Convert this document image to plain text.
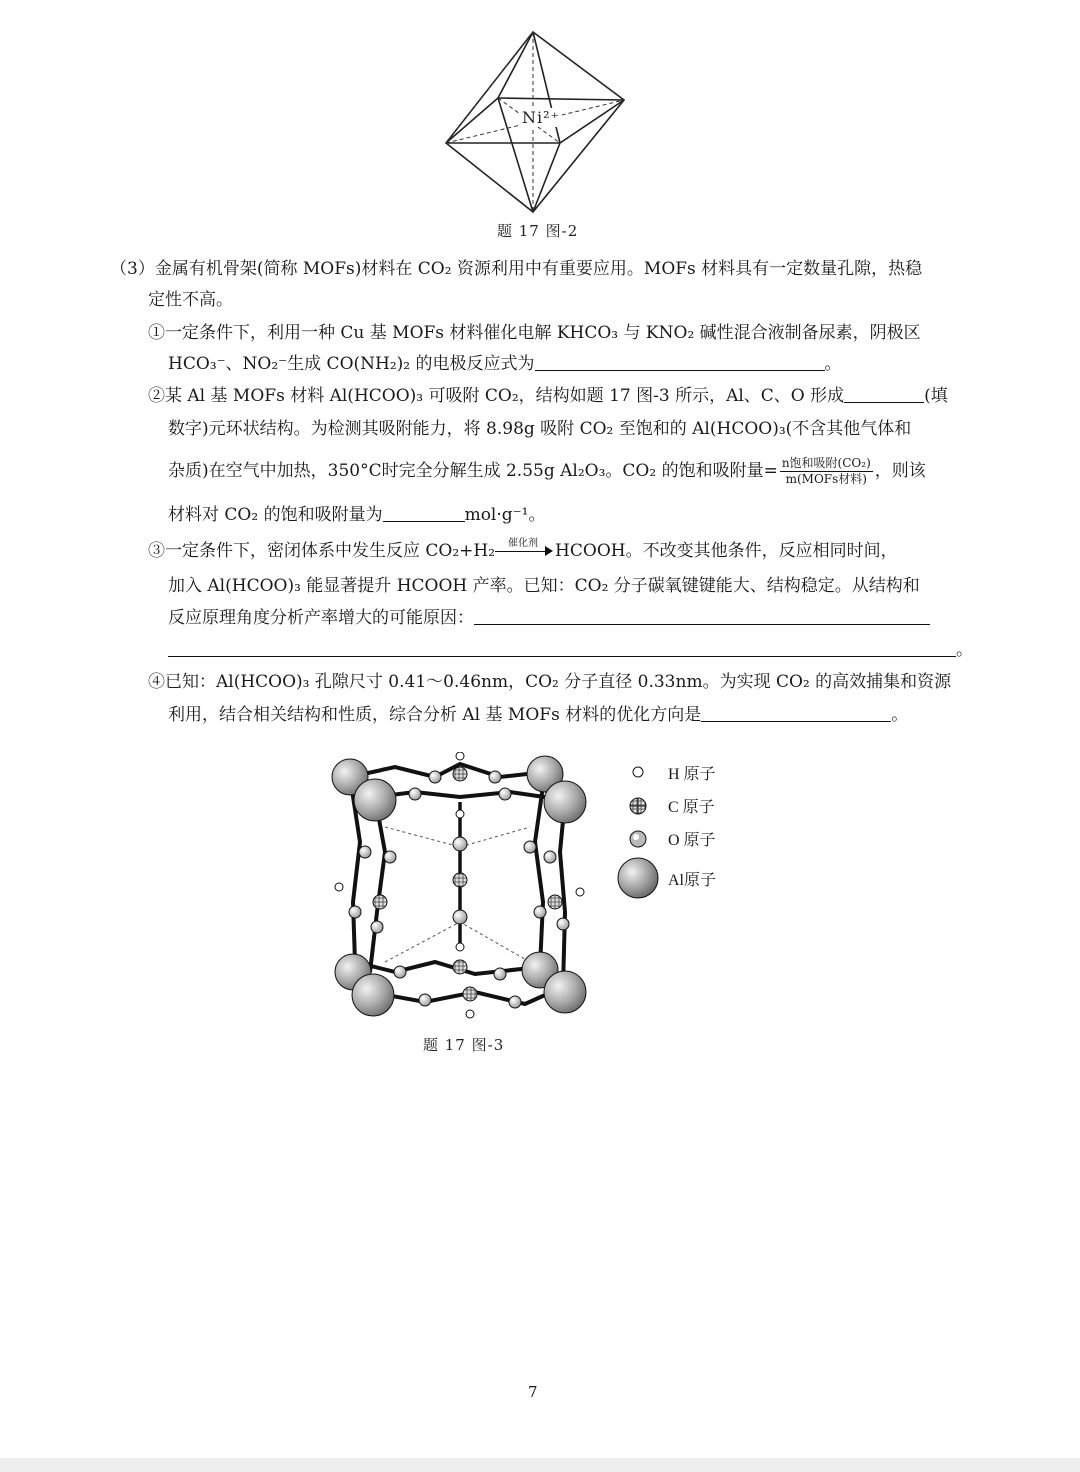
Ni²⁺
题 17 图-2
（3）金属有机骨架(简称 MOFs)材料在 CO₂ 资源利用中有重要应用。MOFs 材料具有一定数量孔隙，热稳
定性不高。
①一定条件下，利用一种 Cu 基 MOFs 材料催化电解 KHCO₃ 与 KNO₂ 碱性混合液制备尿素，阴极区
HCO₃⁻、NO₂⁻生成 CO(NH₂)₂ 的电极反应式为	。
②某 Al 基 MOFs 材料 Al(HCOO)₃ 可吸附 CO₂，结构如题 17 图-3 所示，Al、C、O 形成	(填
数字)元环状结构。为检测其吸附能力，将 8.98g 吸附 CO₂ 至饱和的 Al(HCOO)₃(不含其他气体和
杂质)在空气中加热，350°C时完全分解生成 2.55g Al₂O₃。CO₂ 的饱和吸附量= $\frac{\text{n饱和吸附(CO₂)}}{\text{m(MOFs材料)}}$ ，则该
材料对 CO₂ 的饱和吸附量为	mol·g⁻¹。
③一定条件下，密闭体系中发生反应 CO₂+H₂	催化剂	HCOOH。不改变其他条件，反应相同时间，
加入 Al(HCOO)₃ 能显著提升 HCOOH 产率。已知：CO₂ 分子碳氧键键能大、结构稳定。从结构和
反应原理角度分析产率增大的可能原因：
。
④已知：Al(HCOO)₃ 孔隙尺寸 0.41～0.46nm，CO₂ 分子直径 0.33nm。为实现 CO₂ 的高效捕集和资源
利用，结合相关结构和性质，综合分析 Al 基 MOFs 材料的优化方向是	。
H 原子
C 原子
O 原子
Al原子
题 17 图-3
7
